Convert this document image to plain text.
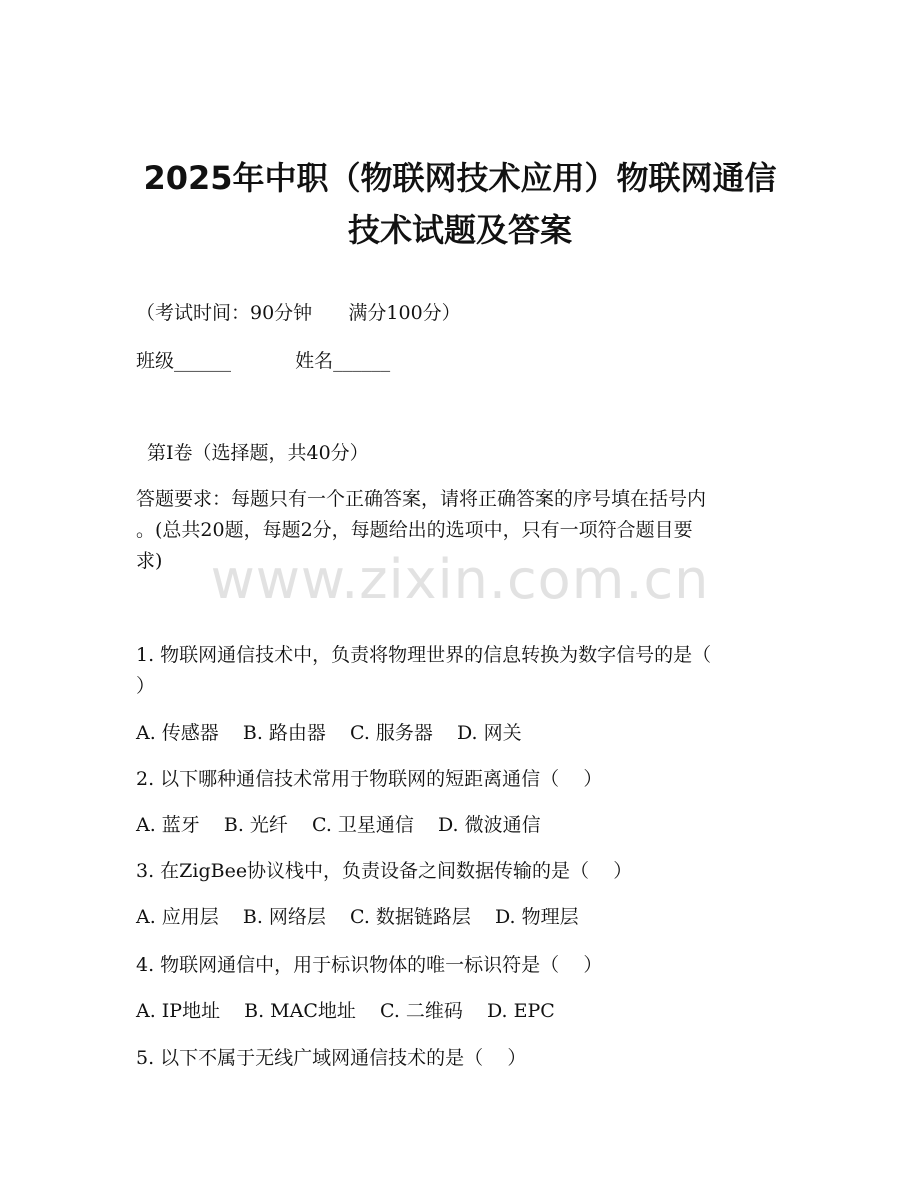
2025年中职（物联网技术应用）物联网通信
技术试题及答案
（考试时间：90分钟      满分100分）
班级______	姓名______
第Ⅰ卷（选择题，共40分）
答题要求：每题只有一个正确答案，请将正确答案的序号填在括号内
。(总共20题，每题2分，每题给出的选项中，只有一项符合题目要
求) www.zixin.com.cn
1. 物联网通信技术中，负责将物理世界的信息转换为数字信号的是（
）
A. 传感器 B. 路由器 C. 服务器 D. 网关
2. 以下哪种通信技术常用于物联网的短距离通信（    ）
A. 蓝牙 B. 光纤 C. 卫星通信 D. 微波通信
3. 在ZigBee协议栈中，负责设备之间数据传输的是（    ）
A. 应用层 B. 网络层 C. 数据链路层 D. 物理层
4. 物联网通信中，用于标识物体的唯一标识符是（    ）
A. IP地址 B. MAC地址 C. 二维码 D. EPC
5. 以下不属于无线广域网通信技术的是（    ）
